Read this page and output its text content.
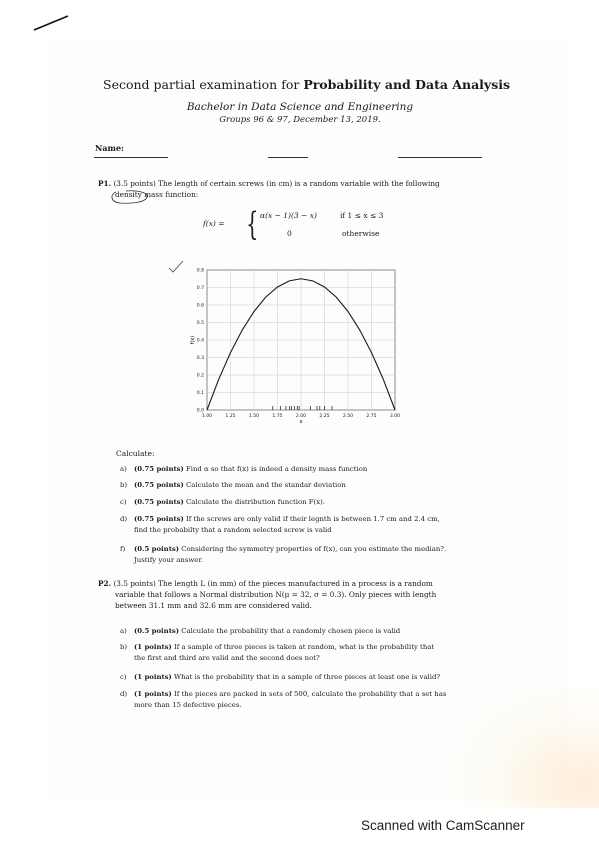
Second partial examination for Probability and Data Analysis
Bachelor in Data Science and Engineering
Groups 96 & 97, December 13, 2019.
Name:
P1. (3.5 points) The length of certain screws (in cm) is a random variable with the following
density mass function:
f(x) = { α(x − 1)(3 − x)	if 1 ≤ x ≤ 3
0	otherwise
1.00	1.25	1.50	1.75	2.00	2.25	2.50	2.75	3.00
0.0
0.1
0.2
0.3
0.4
0.5
0.6
0.7
0.8
x
f(x)
Calculate:
a) (0.75 points) Find α so that f(x) is indeed a density mass function
b) (0.75 points) Calculate the mean and the standar deviation
c) (0.75 points) Calculate the distribution function F(x).
d) (0.75 points) If the screws are only valid if their legnth is between 1.7 cm and 2.4 cm,
find the probabilty that a random selected screw is valid
f) (0.5 points) Considering the symmetry properties of f(x), can you estimate the median?.
Justify your answer.
P2. (3.5 points) The length L (in mm) of the pieces manufactured in a process is a random
variable that follows a Normal distribution N(μ = 32, σ = 0.3). Only pieces with length
between 31.1 mm and 32.6 mm are considered valid.
a) (0.5 points) Calculate the probability that a randomly chosen piece is valid
b) (1 points) If a sample of three pieces is taken at random, what is the probability that
the first and third are valid and the second does not?
c) (1 points) What is the probability that in a sample of three pieces at least one is valid?
d) (1 points) If the pieces are packed in sets of 500, calculate the probability that a set has
more than 15 defective pieces.
Scanned with CamScanner
